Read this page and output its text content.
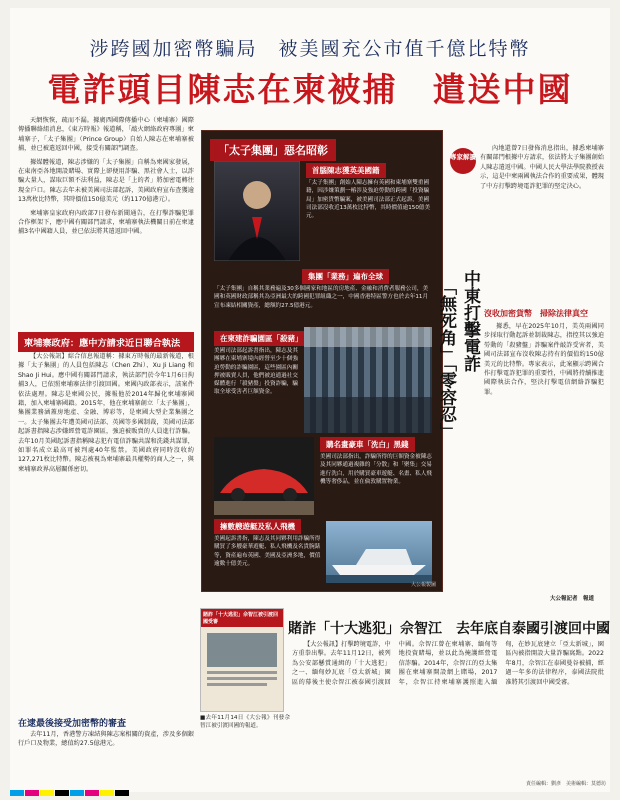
涉跨國加密幣騙局　被美國充公市值千億比特幣
電詐頭目陳志在柬被捕　遣送中國

天網恢恢，疏而不漏。據廣西國際傳播中心（柬埔寨）國際傳播聯絡組消息，《東方時報》報道稱，「敲火網絡政府專團」柬埔寨子，「太子集團」（Prince Group）自始人陳志在柬埔寨被捕，並已被遣返回中國，接受有關部門調查。

據媒體報道，陳志涉嫌的「太子集團」自稱為柬國家發展，在東南亞各地開設賭場、實際上卻便用詐騙、黑社會人士，以詐騙大量人，謀取巨額不法利益，陳志是「上的者」將加密電轉往現金戶口。陳志去年未被美國司法部起訴，美國政府宣布查獲逾13萬枚比特幣，其時價值150億美元（約1170億港元）。

柬埔寨皇家政府內政部7日發布新聞通告，在打擊詐騙犯罪合作框架下，應中國有關部門請求，柬埔寨執法機關日前在柬逮捕3名中國籍人員，並已依法將其遣返回中國。

柬埔寨政府：應中方請求近日聯合執法

【大公報訊】綜合信息報道稱：據東方時報的最新報道，根據「太子集團」的人員包括陳志（Chen Zhi）、Xu Ji Liang 和 Shao Ji Hui。應中國有關部門請求，執法部門於今年1月6日拘捕3人，已依照柬埔寨法律引渡回國。柬國內政部表示，該案件依法處理。陳志是柬國公民，據報他於2014年歸化柬埔寨國籍，加入柬埔寨國籍。2015年，他在柬埔寨創立「太子集團」，集團業務涵蓋房地產、金融、博彩等，是柬國大型企業集團之一。太子集團去年遭美國司法部、英國等多國制裁，美國司法部起訴書指陳志涉嫌經營電詐園區，強迫被販賣的人員進行詐騙。去年10月美國起訴書指稱陳志犯有電信詐騙共謀和洗錢共謀罪，如罪名成立最高可被判處40年監禁。美國政府同時沒收約127,271枚比特幣。陳志被視為柬埔寨最具權勢的商人之一，與柬埔寨政界高層關係密切。

在逮最後接受加密幣的審查

去年11月，香港警方凍結與陳志案相關的資產，涉及多個銀行戶口及物業，總值約27.5億港元。

「太子集團」惡名昭彰
首腦陳志獲英美國籍
「太子集團」創始人陳志擁有英國和柬埔寨雙重國籍，因涉嫌策劃一樁涉及強迫勞動的跨國「投資騙局」加密貨幣騙案，被美國司法部正式起訴，美國司法部沒收近13萬枚比特幣，其時價值逾150億美元。
集團「業務」遍布全球
「太子集團」自稱其業務遍及30多個國家和地區的房地產、金融和消費者服務公司，美國和英國財政部稱其為亞洲最大的跨國犯罪組織之一，中國香港特區警方也於去年11月宣布凍結相關資產，總額約27.5億港元。
在柬建詐騙園區「殺豬」
美國司法部起訴書指出，陳志及其團夥在柬埔寨境內經營至少十個強迫勞動的詐騙園區，這些園區內關押被販賣人員，他們被迫通過社交媒體進行「殺豬盤」投資詐騙，騙取全球受害者巨額資金。
購名畫豪車「洗白」黑錢
美國司法部指出，詐騙所得的巨額資金被陳志及其同夥通過複雜的「分散」和「聚集」交易進行洗白，用於購買豪車遊艇、名畫、私人飛機等奢侈品，並在倫敦購置物業。
擁數艘遊艇及私人飛機
美國起訴書指，陳志及其同夥利用詐騙所得購買了多艘豪華遊艇、私人飛機及名貴腕錶等，資產遍布英國、美國及亞洲多地，價值逾數十億美元。
大公報製圖
專家解讀

內地還曾7日發佈消息指出，據悉柬埔寨有關部門根據中方請求，依法將太子集團創始人陳志遣返中國。中國人民大學法學院教授表示，這是中柬兩國執法合作的重要成果，體現了中方打擊跨境電詐犯罪的堅定決心。

中東打擊電詐
「無死角」「零容忍」	沒收加密貨幣　掃除法律真空

據悉，早在2025年10月，美英兩國同步採取行動起訴並制裁陳志，指控其以強迫勞動的「殺豬盤」詐騙案件敲詐受害者，美國司法部宣布沒收陳志持有的價值約150億美元的比特幣。專家表示，此案顯示跨國合作打擊電詐犯罪的重要性，中國將持續推進國際執法合作，堅決打擊電信網絡詐騙犯罪。

大公報記者　報道
賭詐「十大逃犯」佘智江被引渡回國受審
■去年11月14日《大公報》刊發佘智江被引渡回國的報道。
賭詐「十大逃犯」佘智江　去年底自泰國引渡回中國

【大公報訊】打擊跨境電詐，中方重拳出擊。去年11月12日，被列為公安部懸賞通緝的「十大逃犯」之一、緬甸妙瓦底「亞太新城」園區的幕後主使佘智江被泰國引渡回中國。佘智江曾在柬埔寨、緬甸等地投資賭場，並以此為掩護經營電信詐騙。2014年，佘智江的亞太集團在柬埔寨開設網上賭場，2017年，佘智江持柬埔寨護照進入緬甸，在妙瓦底建立「亞太新城」，園區內被指開設大量詐騙窩點。2022年8月，佘智江在泰國曼谷被捕，經過一年多的法律程序，泰國法院批准將其引渡回中國受審。

責任編輯：劉彥　美術編輯：莫德坊
